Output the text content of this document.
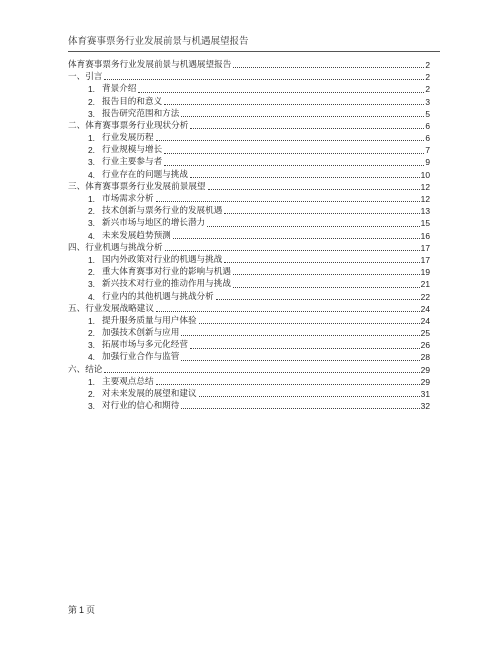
体育赛事票务行业发展前景与机遇展望报告
体育赛事票务行业发展前景与机遇展望报告	2
一、 引言	2
1. 背景介绍	2
2. 报告目的和意义	3
3. 报告研究范围和方法	5
二、 体育赛事票务行业现状分析	6
1. 行业发展历程	6
2. 行业规模与增长	7
3. 行业主要参与者	9
4. 行业存在的问题与挑战	10
三、 体育赛事票务行业发展前景展望	12
1. 市场需求分析	12
2. 技术创新与票务行业的发展机遇	13
3. 新兴市场与地区的增长潜力	15
4. 未来发展趋势预测	16
四、 行业机遇与挑战分析	17
1. 国内外政策对行业的机遇与挑战	17
2. 重大体育赛事对行业的影响与机遇	19
3. 新兴技术对行业的推动作用与挑战	21
4. 行业内的其他机遇与挑战分析	22
五、 行业发展战略建议	24
1. 提升服务质量与用户体验	24
2. 加强技术创新与应用	25
3. 拓展市场与多元化经营	26
4. 加强行业合作与监管	28
六、 结论	29
1. 主要观点总结	29
2. 对未来发展的展望和建议	31
3. 对行业的信心和期待	32
第 1 页
